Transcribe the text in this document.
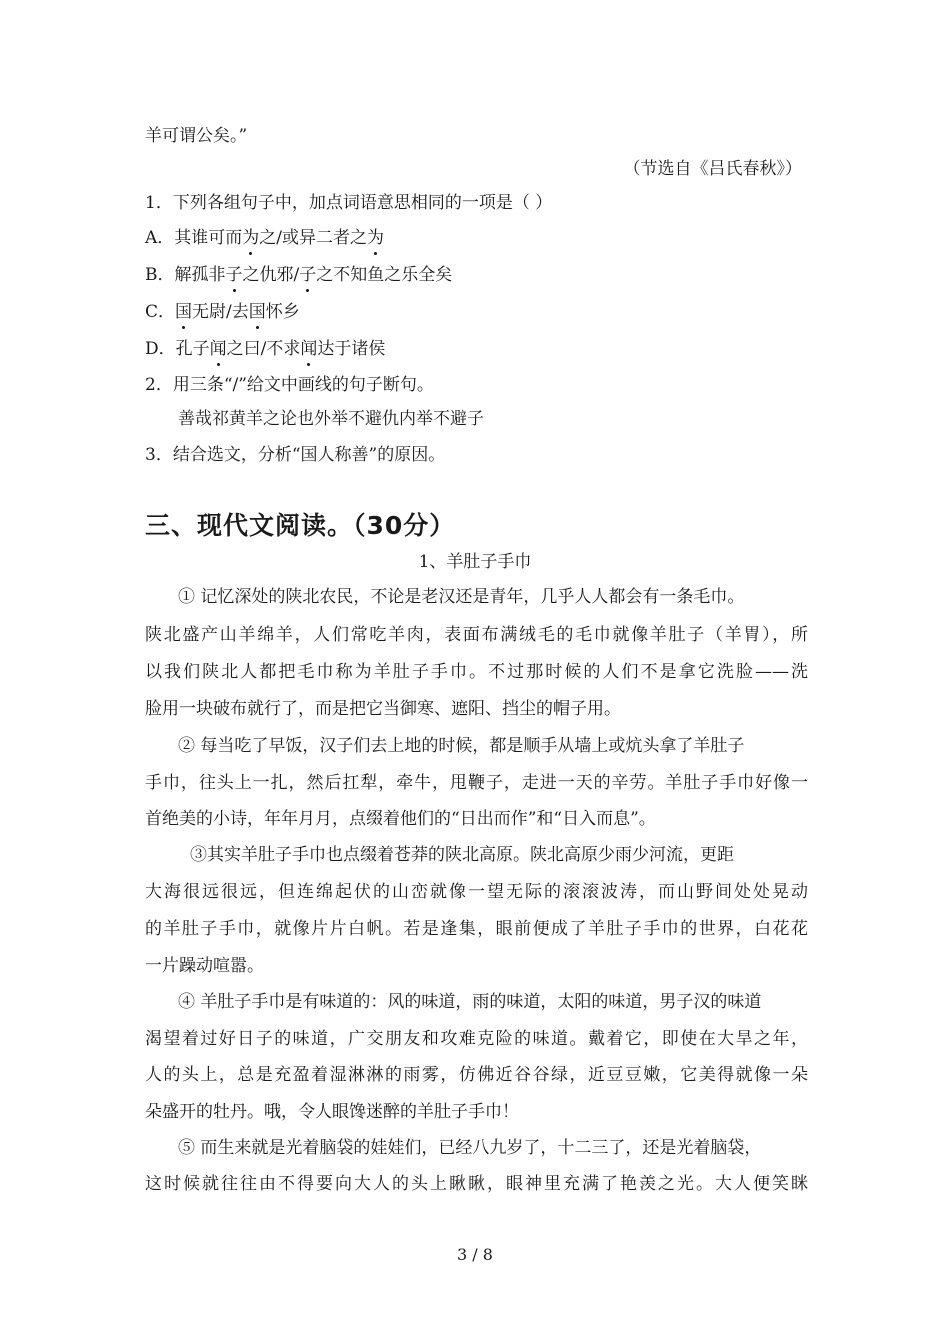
羊可谓公矣。”
（节选自《吕氏春秋》）
1．下列各组句子中，加点词语意思相同的一项是（ ）
A．其谁可而为之/或异二者之为
B．解孤非子之仇邪/子之不知鱼之乐全矣
C．国无尉/去国怀乡
D．孔子闻之曰/不求闻达于诸侯
2．用三条“/”给文中画线的句子断句。
善哉祁黄羊之论也外举不避仇内举不避子
3．结合选文，分析“国人称善”的原因。
三、现代文阅读。（30分）
1、羊肚子手巾
① 记忆深处的陕北农民，不论是老汉还是青年，几乎人人都会有一条毛巾。
陕北盛产山羊绵羊，人们常吃羊肉，表面布满绒毛的毛巾就像羊肚子（羊胃），所
以我们陕北人都把毛巾称为羊肚子手巾。不过那时候的人们不是拿它洗脸——洗
脸用一块破布就行了，而是把它当御寒、遮阳、挡尘的帽子用。
② 每当吃了早饭，汉子们去上地的时候，都是顺手从墙上或炕头拿了羊肚子
手巾，往头上一扎，然后扛犁，牵牛，甩鞭子，走进一天的辛劳。羊肚子手巾好像一
首绝美的小诗，年年月月，点缀着他们的“日出而作”和“日入而息”。
③其实羊肚子手巾也点缀着苍莽的陕北高原。陕北高原少雨少河流，更距
大海很远很远，但连绵起伏的山峦就像一望无际的滚滚波涛，而山野间处处晃动
的羊肚子手巾，就像片片白帆。若是逢集，眼前便成了羊肚子手巾的世界，白花花
一片躁动喧嚣。
④ 羊肚子手巾是有味道的：风的味道，雨的味道，太阳的味道，男子汉的味道
渴望着过好日子的味道，广交朋友和攻难克险的味道。戴着它，即使在大旱之年，
人的头上，总是充盈着湿淋淋的雨雾，仿佛近谷谷绿，近豆豆嫩，它美得就像一朵
朵盛开的牡丹。哦，令人眼馋迷醉的羊肚子手巾！
⑤ 而生来就是光着脑袋的娃娃们，已经八九岁了，十二三了，还是光着脑袋，
这时候就往往由不得要向大人的头上瞅瞅，眼神里充满了艳羡之光。大人便笑眯
3 / 8
